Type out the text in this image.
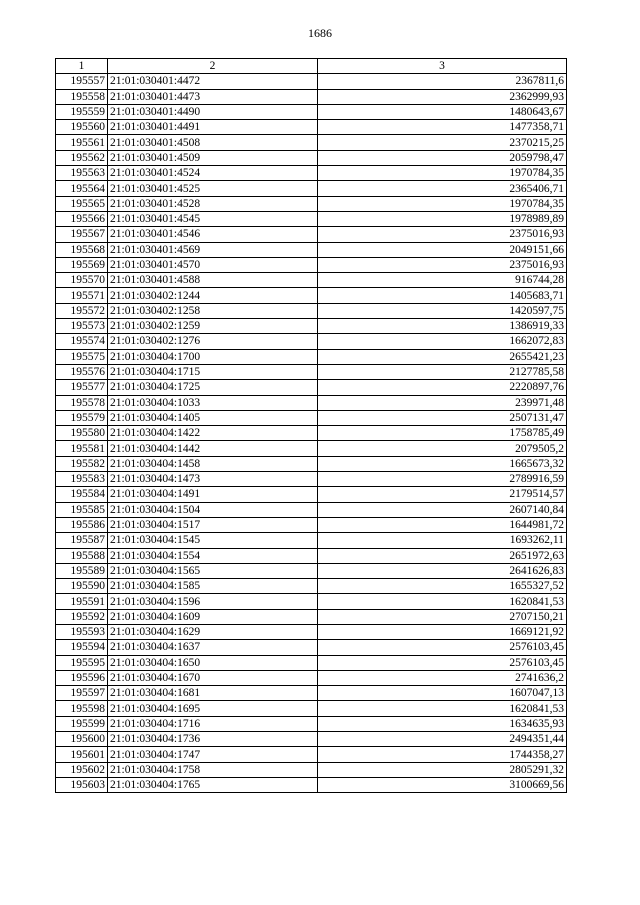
1686
1	2	3
195557	21:01:030401:4472	2367811,6
195558	21:01:030401:4473	2362999,93
195559	21:01:030401:4490	1480643,67
195560	21:01:030401:4491	1477358,71
195561	21:01:030401:4508	2370215,25
195562	21:01:030401:4509	2059798,47
195563	21:01:030401:4524	1970784,35
195564	21:01:030401:4525	2365406,71
195565	21:01:030401:4528	1970784,35
195566	21:01:030401:4545	1978989,89
195567	21:01:030401:4546	2375016,93
195568	21:01:030401:4569	2049151,66
195569	21:01:030401:4570	2375016,93
195570	21:01:030401:4588	916744,28
195571	21:01:030402:1244	1405683,71
195572	21:01:030402:1258	1420597,75
195573	21:01:030402:1259	1386919,33
195574	21:01:030402:1276	1662072,83
195575	21:01:030404:1700	2655421,23
195576	21:01:030404:1715	2127785,58
195577	21:01:030404:1725	2220897,76
195578	21:01:030404:1033	239971,48
195579	21:01:030404:1405	2507131,47
195580	21:01:030404:1422	1758785,49
195581	21:01:030404:1442	2079505,2
195582	21:01:030404:1458	1665673,32
195583	21:01:030404:1473	2789916,59
195584	21:01:030404:1491	2179514,57
195585	21:01:030404:1504	2607140,84
195586	21:01:030404:1517	1644981,72
195587	21:01:030404:1545	1693262,11
195588	21:01:030404:1554	2651972,63
195589	21:01:030404:1565	2641626,83
195590	21:01:030404:1585	1655327,52
195591	21:01:030404:1596	1620841,53
195592	21:01:030404:1609	2707150,21
195593	21:01:030404:1629	1669121,92
195594	21:01:030404:1637	2576103,45
195595	21:01:030404:1650	2576103,45
195596	21:01:030404:1670	2741636,2
195597	21:01:030404:1681	1607047,13
195598	21:01:030404:1695	1620841,53
195599	21:01:030404:1716	1634635,93
195600	21:01:030404:1736	2494351,44
195601	21:01:030404:1747	1744358,27
195602	21:01:030404:1758	2805291,32
195603	21:01:030404:1765	3100669,56
